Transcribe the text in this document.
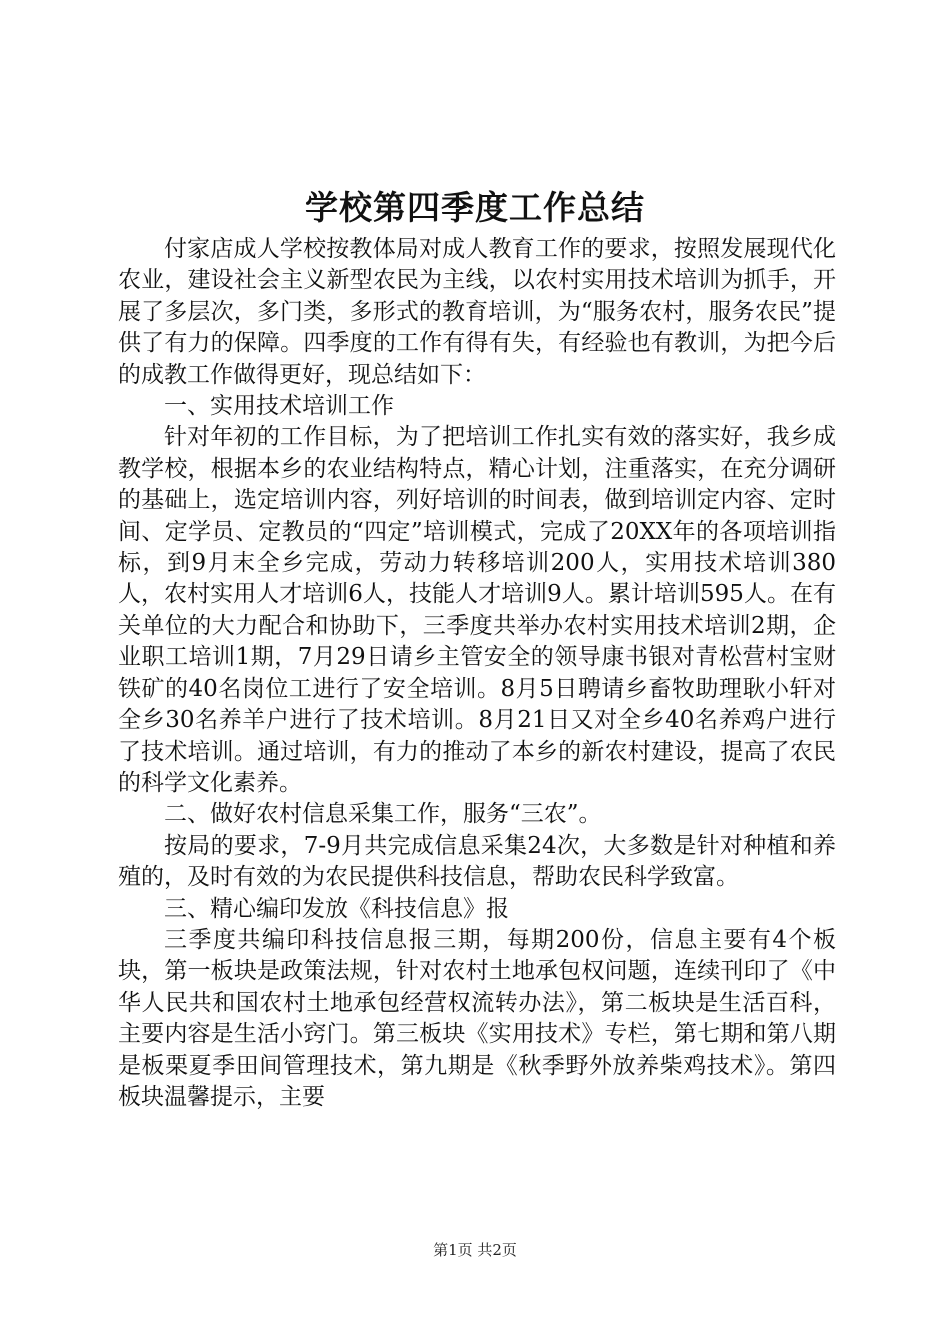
学校第四季度工作总结

付家店成人学校按教体局对成人教育工作的要求，按照发展现代化农业，建设社会主义新型农民为主线，以农村实用技术培训为抓手，开展了多层次，多门类，多形式的教育培训，为“服务农村，服务农民”提供了有力的保障。四季度的工作有得有失，有经验也有教训，为把今后的成教工作做得更好，现总结如下：

一、实用技术培训工作

针对年初的工作目标，为了把培训工作扎实有效的落实好，我乡成教学校，根据本乡的农业结构特点，精心计划，注重落实，在充分调研的基础上，选定培训内容，列好培训的时间表，做到培训定内容、定时间、定学员、定教员的“四定”培训模式，完成了20XX年的各项培训指标，到9月末全乡完成，劳动力转移培训200人，实用技术培训380人，农村实用人才培训6人，技能人才培训9人。累计培训595人。在有关单位的大力配合和协助下，三季度共举办农村实用技术培训2期，企业职工培训1期，7月29日请乡主管安全的领导康书银对青松营村宝财铁矿的40名岗位工进行了安全培训。8月5日聘请乡畜牧助理耿小轩对全乡30名养羊户进行了技术培训。8月21日又对全乡40名养鸡户进行了技术培训。通过培训，有力的推动了本乡的新农村建设，提高了农民的科学文化素养。

二、做好农村信息采集工作，服务“三农”。

按局的要求，7-9月共完成信息采集24次，大多数是针对种植和养殖的，及时有效的为农民提供科技信息，帮助农民科学致富。

三、精心编印发放《科技信息》报

三季度共编印科技信息报三期，每期200份，信息主要有4个板块，第一板块是政策法规，针对农村土地承包权问题，连续刊印了《中华人民共和国农村土地承包经营权流转办法》，第二板块是生活百科，主要内容是生活小窍门。第三板块《实用技术》专栏，第七期和第八期是板栗夏季田间管理技术，第九期是《秋季野外放养柴鸡技术》。第四板块温馨提示，主要

第1页 共2页
